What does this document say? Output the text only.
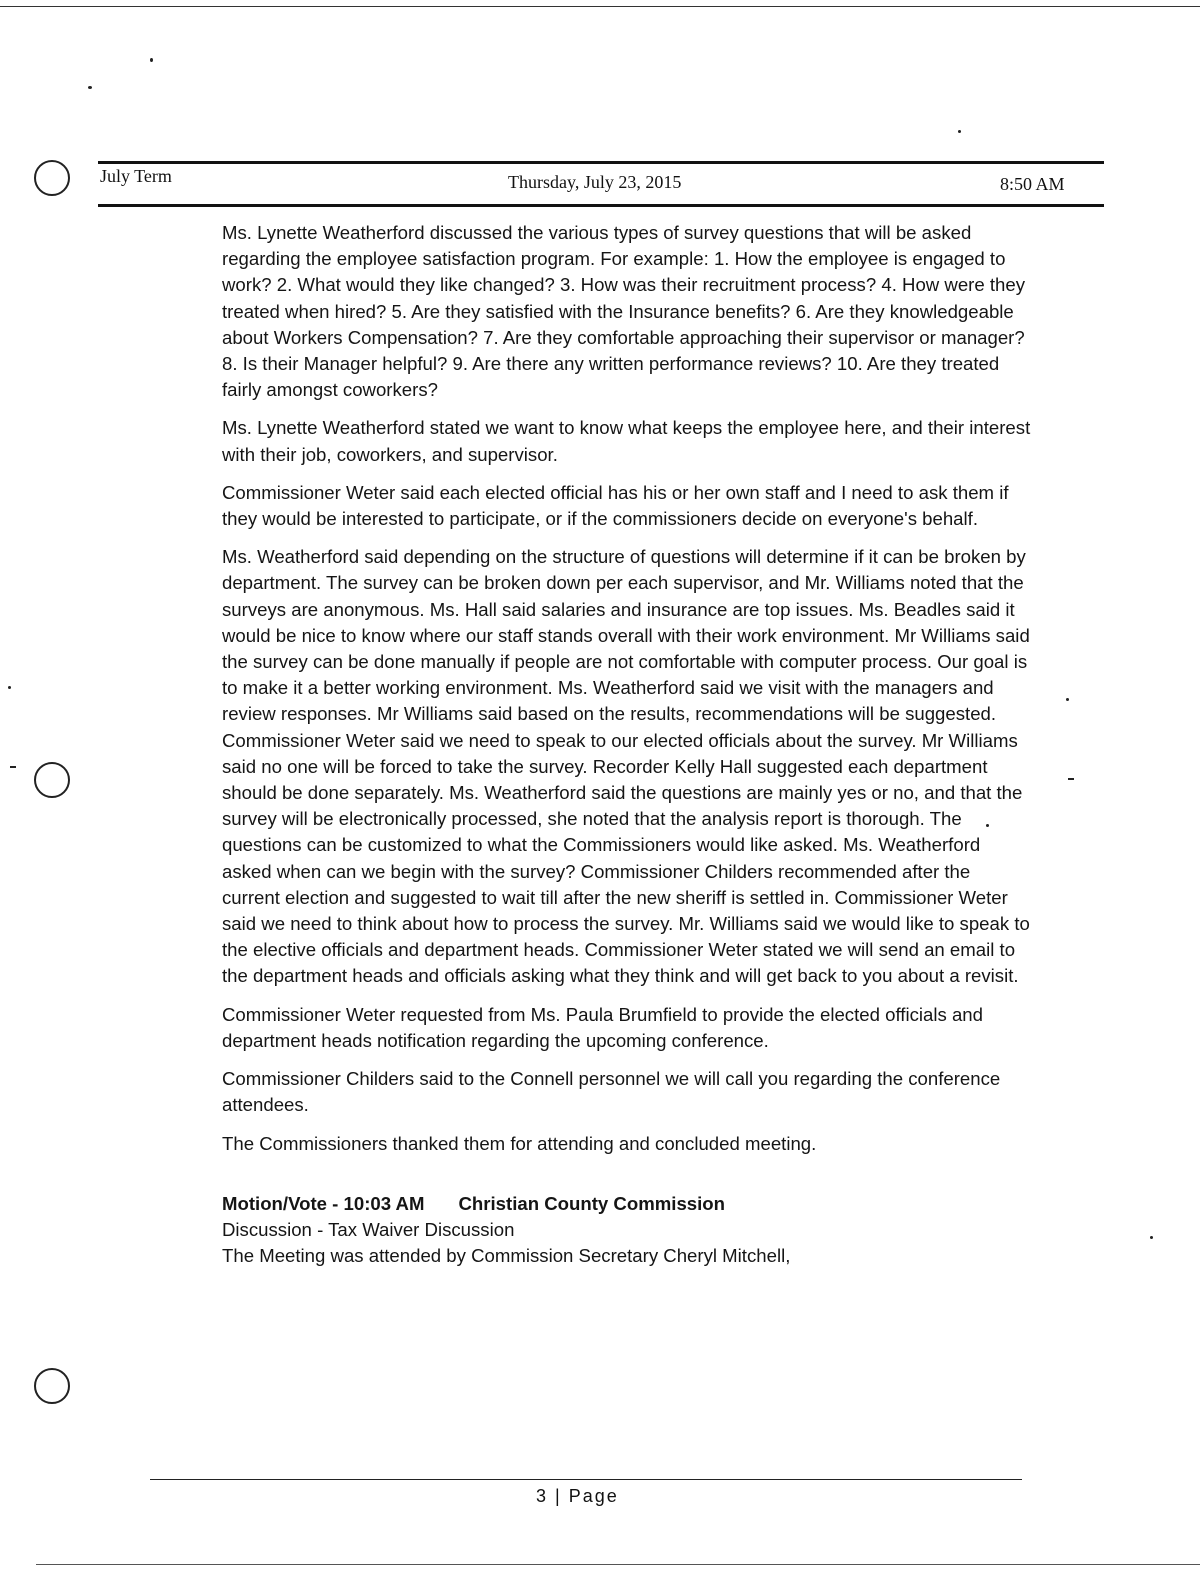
July Term	Thursday, July 23, 2015	8:50 AM

Ms. Lynette Weatherford discussed the various types of survey questions that will be asked regarding the employee satisfaction program. For example: 1. How the employee is engaged to work? 2. What would they like changed? 3. How was their recruitment process? 4. How were they treated when hired? 5. Are they satisfied with the Insurance benefits? 6. Are they knowledgeable about Workers Compensation? 7. Are they comfortable approaching their supervisor or manager? 8. Is their Manager helpful? 9. Are there any written performance reviews? 10. Are they treated fairly amongst coworkers?

Ms. Lynette Weatherford stated we want to know what keeps the employee here, and their interest with their job, coworkers, and supervisor.

Commissioner Weter said each elected official has his or her own staff and I need to ask them if they would be interested to participate, or if the commissioners decide on everyone's behalf.

Ms. Weatherford said depending on the structure of questions will determine if it can be broken by department. The survey can be broken down per each supervisor, and Mr. Williams noted that the surveys are anonymous. Ms. Hall said salaries and insurance are top issues. Ms. Beadles said it would be nice to know where our staff stands overall with their work environment. Mr Williams said the survey can be done manually if people are not comfortable with computer process. Our goal is to make it a better working environment. Ms. Weatherford said we visit with the managers and review responses. Mr Williams said based on the results, recommendations will be suggested. Commissioner Weter said we need to speak to our elected officials about the survey. Mr Williams said no one will be forced to take the survey. Recorder Kelly Hall suggested each department should be done separately. Ms. Weatherford said the questions are mainly yes or no, and that the survey will be electronically processed, she noted that the analysis report is thorough. The questions can be customized to what the Commissioners would like asked. Ms. Weatherford asked when can we begin with the survey? Commissioner Childers recommended after the current election and suggested to wait till after the new sheriff is settled in. Commissioner Weter said we need to think about how to process the survey. Mr. Williams said we would like to speak to the elective officials and department heads. Commissioner Weter stated we will send an email to the department heads and officials asking what they think and will get back to you about a revisit.

Commissioner Weter requested from Ms. Paula Brumfield to provide the elected officials and department heads notification regarding the upcoming conference.

Commissioner Childers said to the Connell personnel we will call you regarding the conference attendees.

The Commissioners thanked them for attending and concluded meeting.

Motion/Vote - 10:03 AM Christian County Commission

Discussion - Tax Waiver Discussion

The Meeting was attended by Commission Secretary Cheryl Mitchell,

3 | Page
